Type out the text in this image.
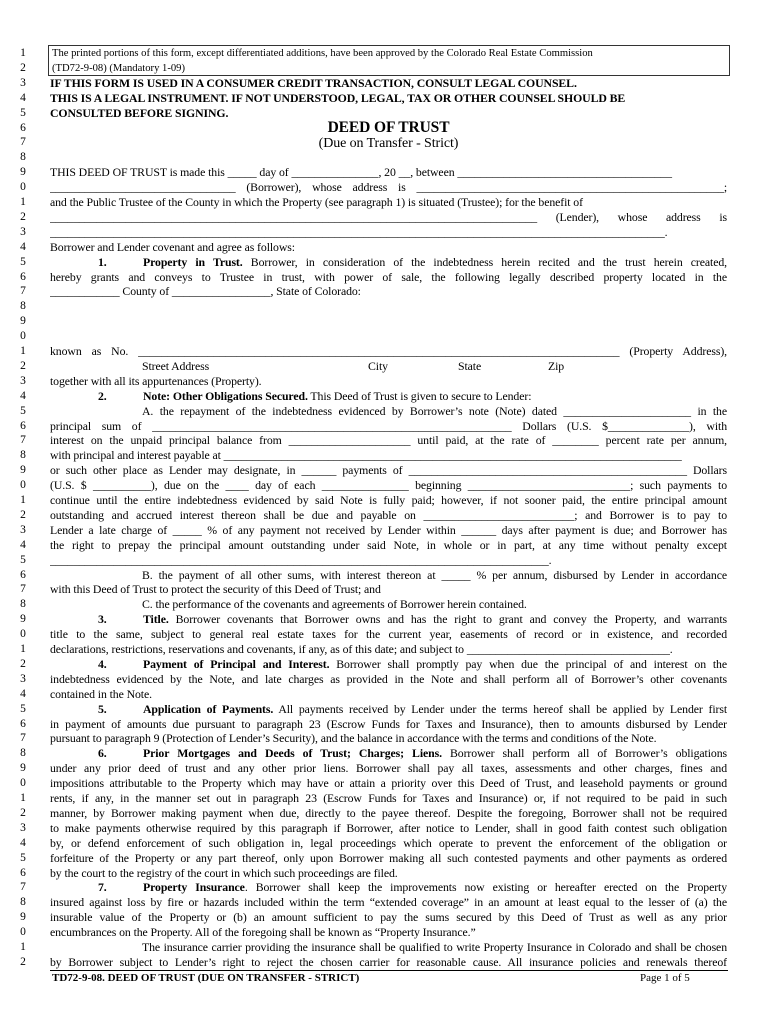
TD72-9-08. DEED OF TRUST (DUE ON TRANSFER - STRICT)	Page 1 of 5
1	The printed portions of this form, except differentiated additions, have been approved by the Colorado Real Estate Commission
2	(TD72-9-08) (Mandatory 1-09)
3	IF THIS FORM IS USED IN A CONSUMER CREDIT TRANSACTION, CONSULT LEGAL COUNSEL.
4	THIS IS A LEGAL INSTRUMENT. IF NOT UNDERSTOOD, LEGAL, TAX OR OTHER COUNSEL SHOULD BE
5	CONSULTED BEFORE SIGNING.
6	DEED OF TRUST
7	(Due on Transfer - Strict)
8
9	THIS DEED OF TRUST is made this _____ day of _______________, 20 __, between _____________________________________
0	________________________________ (Borrower), whose address is _____________________________________________________;
1	and the Public Trustee of the County in which the Property (see paragraph 1) is situated (Trustee); for the benefit of
2	____________________________________________________________________________________ (Lender), whose address is
3	__________________________________________________________________________________________________________.
4	Borrower and Lender covenant and agree as follows:
5	1.	Property in Trust. Borrower, in consideration of the indebtedness herein recited and the trust herein created,
6	hereby grants and conveys to Trustee in trust, with power of sale, the following legally described property located in the
7	____________ County of _________________, State of Colorado:
8
9
0
1	known as No. ___________________________________________________________________________________ (Property Address),
2	Street Address	City	State	Zip
3	together with all its appurtenances (Property).
4	2.	Note: Other Obligations Secured. This Deed of Trust is given to secure to Lender:
5	A. the repayment of the indebtedness evidenced by Borrower’s note (Note) dated ______________________ in the
6	principal sum of ______________________________________________________________ Dollars (U.S. $______________), with
7	interest on the unpaid principal balance from _____________________ until paid, at the rate of ________ percent rate per annum,
8	with principal and interest payable at _______________________________________________________________________________
9	or such other place as Lender may designate, in ______ payments of ________________________________________________ Dollars
0	(U.S. $ __________), due on the ____ day of each _______________ beginning ____________________________; such payments to
1	continue until the entire indebtedness evidenced by said Note is fully paid; however, if not sooner paid, the entire principal amount
2	outstanding and accrued interest thereon shall be due and payable on __________________________; and Borrower is to pay to
3	Lender a late charge of _____ % of any payment not received by Lender within ______ days after payment is due; and Borrower has
4	the right to prepay the principal amount outstanding under said Note, in whole or in part, at any time without penalty except
5	______________________________________________________________________________________.
6	B. the payment of all other sums, with interest thereon at _____ % per annum, disbursed by Lender in accordance
7	with this Deed of Trust to protect the security of this Deed of Trust; and
8	C. the performance of the covenants and agreements of Borrower herein contained.
9	3.	Title. Borrower covenants that Borrower owns and has the right to grant and convey the Property, and warrants
0	title to the same, subject to general real estate taxes for the current year, easements of record or in existence, and recorded
1	declarations, restrictions, reservations and covenants, if any, as of this date; and subject to ___________________________________.
2	4.	Payment of Principal and Interest. Borrower shall promptly pay when due the principal of and interest on the
3	indebtedness evidenced by the Note, and late charges as provided in the Note and shall perform all of Borrower’s other covenants
4	contained in the Note.
5	5.	Application of Payments. All payments received by Lender under the terms hereof shall be applied by Lender first
6	in payment of amounts due pursuant to paragraph 23 (Escrow Funds for Taxes and Insurance), then to amounts disbursed by Lender
7	pursuant to paragraph 9 (Protection of Lender’s Security), and the balance in accordance with the terms and conditions of the Note.
8	6.	Prior Mortgages and Deeds of Trust; Charges; Liens. Borrower shall perform all of Borrower’s obligations
9	under any prior deed of trust and any other prior liens. Borrower shall pay all taxes, assessments and other charges, fines and
0	impositions attributable to the Property which may have or attain a priority over this Deed of Trust, and leasehold payments or ground
1	rents, if any, in the manner set out in paragraph 23 (Escrow Funds for Taxes and Insurance) or, if not required to be paid in such
2	manner, by Borrower making payment when due, directly to the payee thereof. Despite the foregoing, Borrower shall not be required
3	to make payments otherwise required by this paragraph if Borrower, after notice to Lender, shall in good faith contest such obligation
4	by, or defend enforcement of such obligation in, legal proceedings which operate to prevent the enforcement of the obligation or
5	forfeiture of the Property or any part thereof, only upon Borrower making all such contested payments and other payments as ordered
6	by the court to the registry of the court in which such proceedings are filed.
7	7.	Property Insurance. Borrower shall keep the improvements now existing or hereafter erected on the Property
8	insured against loss by fire or hazards included within the term “extended coverage” in an amount at least equal to the lesser of (a) the
9	insurable value of the Property or (b) an amount sufficient to pay the sums secured by this Deed of Trust as well as any prior
0	encumbrances on the Property. All of the foregoing shall be known as “Property Insurance.”
1	The insurance carrier providing the insurance shall be qualified to write Property Insurance in Colorado and shall be chosen
2	by Borrower subject to Lender’s right to reject the chosen carrier for reasonable cause. All insurance policies and renewals thereof
